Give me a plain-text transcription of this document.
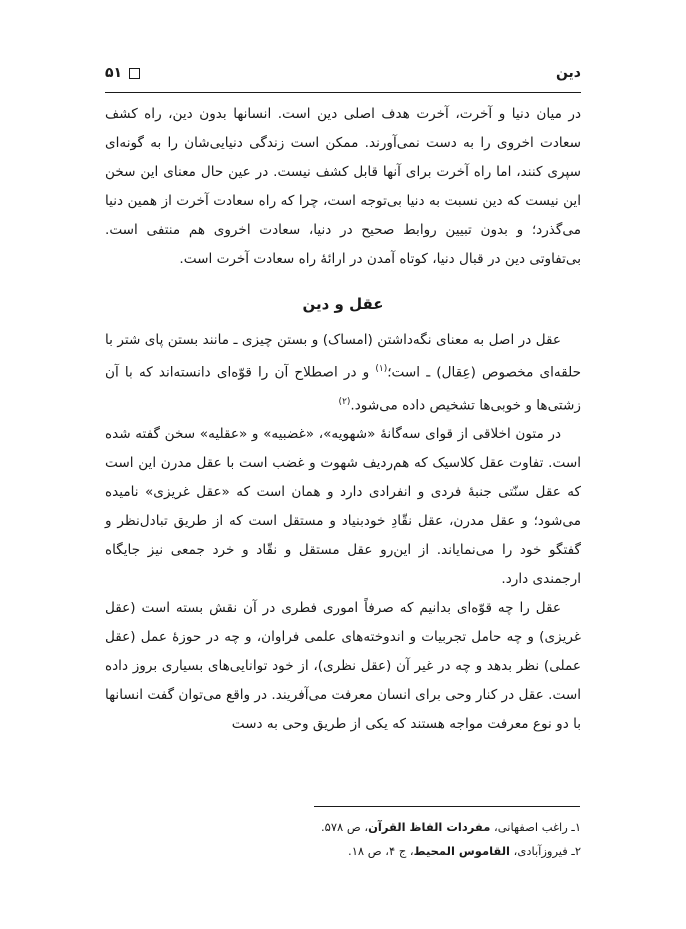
دین
۵۱

در میان دنیا و آخرت، آخرت هدف اصلی دین است. انسانها بدون دین، راه کشف سعادت اخروی را به دست نمی‌آورند. ممکن است زندگی دنیایی‌شان را به گونه‌ای سپری کنند، اما راه آخرت برای آنها قابل کشف نیست. در عین حال معنای این سخن این نیست که دین نسبت به دنیا بی‌توجه است، چرا که راه سعادت آخرت از همین دنیا می‌گذرد؛ و بدون تبیین روابط صحیح در دنیا، سعادت اخروی هم منتفی است. بی‌تفاوتی دین در قبال دنیا، کوتاه آمدن در ارائهٔ راه سعادت آخرت است.

عقل و دین

عقل در اصل به معنای نگه‌داشتن (امساک) و بستن چیزی ـ مانند بستن پای شتر با حلقه‌ای مخصوص (عِقال) ـ است؛$^{(۱)}$ و در اصطلاح آن را قوّه‌ای دانسته‌اند که با آن زشتی‌ها و خوبی‌ها تشخیص داده می‌شود.$^{(۲)}$

در متون اخلاقی از قوای سه‌گانهٔ «شهویه»، «غضبیه» و «عقلیه» سخن گفته شده است. تفاوت عقل کلاسیک که هم‌ردیف شهوت و غضب است با عقل مدرن این است که عقل سنّتی جنبهٔ فردی و انفرادی دارد و همان است که «عقل غریزی» نامیده می‌شود؛ و عقل مدرن، عقل نقّادِ خودبنیاد و مستقل است که از طریق تبادل‌نظر و گفتگو خود را می‌نمایاند. از این‌رو عقل مستقل و نقّاد و خرد جمعی نیز جایگاه ارجمندی دارد.

عقل را چه قوّه‌ای بدانیم که صرفاً اموری فطری در آن نقش بسته است (عقل غریزی) و چه حامل تجربیات و اندوخته‌های علمی فراوان، و چه در حوزهٔ عمل (عقل عملی) نظر بدهد و چه در غیر آن (عقل نظری)، از خود توانایی‌های بسیاری بروز داده است. عقل در کنار وحی برای انسان معرفت می‌آفریند. در واقع می‌توان گفت انسانها با دو نوع معرفت مواجه هستند که یکی از طریق وحی به دست

۱ـ راغب اصفهانی، مفردات الفاظ القرآن، ص ۵۷۸.

۲ـ فیروزآبادی، القاموس المحیط، ج ۴، ص ۱۸.
